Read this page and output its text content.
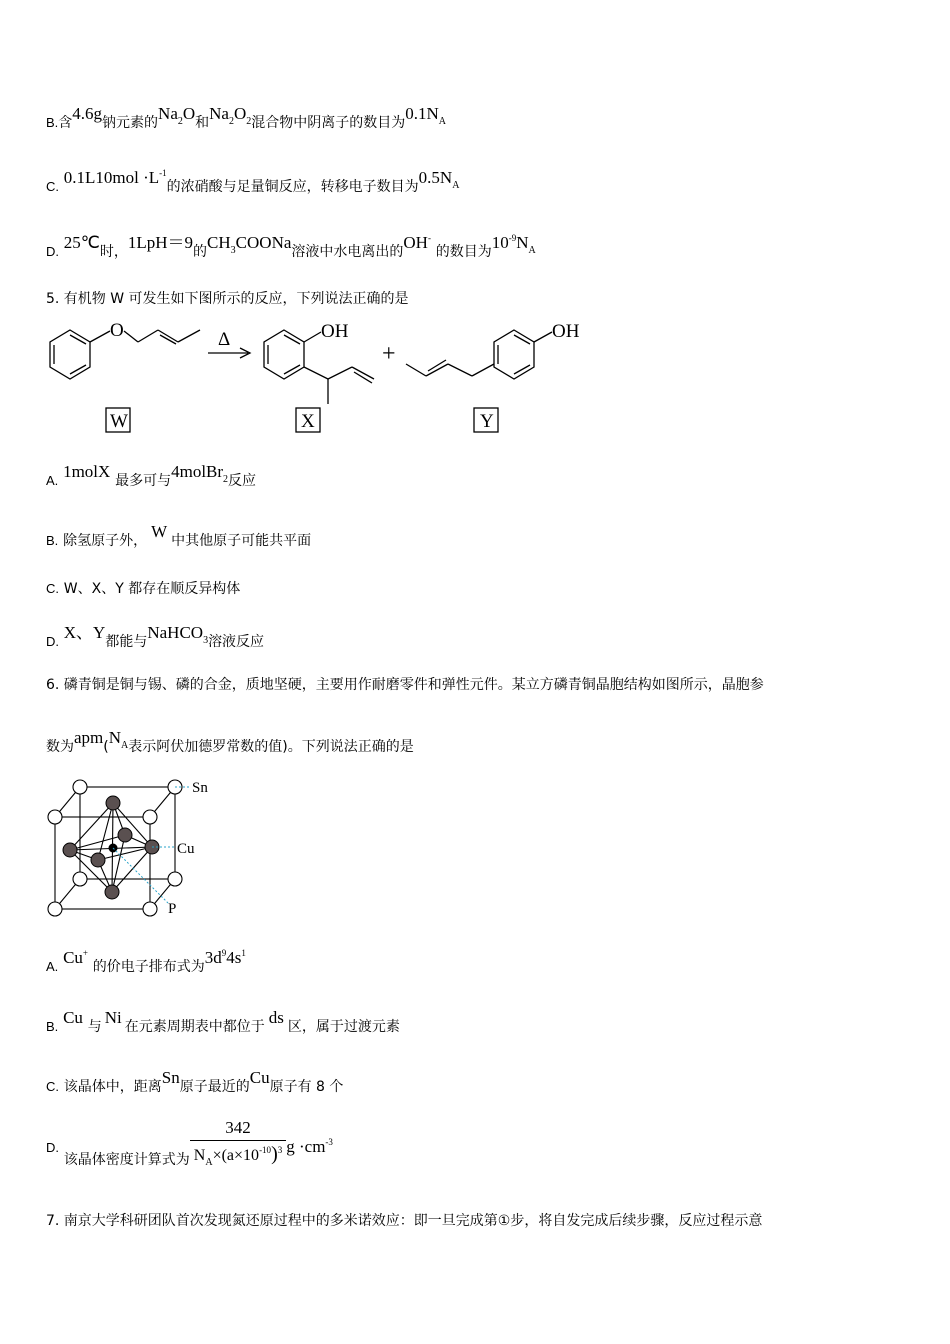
B.含4.6g钠元素的$Na_2O$和$Na_2O_2$混合物中阴离子的数目为$0.1N_A$
C. $0.1L10mol \cdot L^{-1}$的浓硝酸与足量铜反应，转移电子数目为$0.5N_A$
D. 25℃时，1LpH＝9的$CH_3COONa$溶液中水电离出的OH- 的数目为$10^{-9}N_A$
5. 有机物 W 可发生如下图所示的反应，下列说法正确的是
O	Δ	OH
+
OH
W	X	Y
A. 1molX 最多可与4molBr$_2$反应
B. 除氢原子外， W 中其他原子可能共平面
C. W、X、Y 都存在顺反异构体
D. X、Y都能与NaHCO$_3$溶液反应
6. 磷青铜是铜与锡、磷的合金，质地坚硬，主要用作耐磨零件和弹性元件。某立方磷青铜晶胞结构如图所示，晶胞参
数为$apm(N_A$表示阿伏加德罗常数的值)。下列说法正确的是
Sn
Cu
P
A. Cu+ 的价电子排布式为$3d^94s^1$
B. Cu 与 Ni 在元素周期表中都位于 ds 区，属于过渡元素
C. 该晶体中，距离Sn原子最近的Cu原子有 8 个
D. 该晶体密度计算式为 $\frac{342}{N_A\times(a\times 10^{-10})^3}$ $g \cdot cm^{-3}$
7. 南京大学科研团队首次发现氮还原过程中的多米诺效应：即一旦完成第①步，将自发完成后续步骤，反应过程示意
